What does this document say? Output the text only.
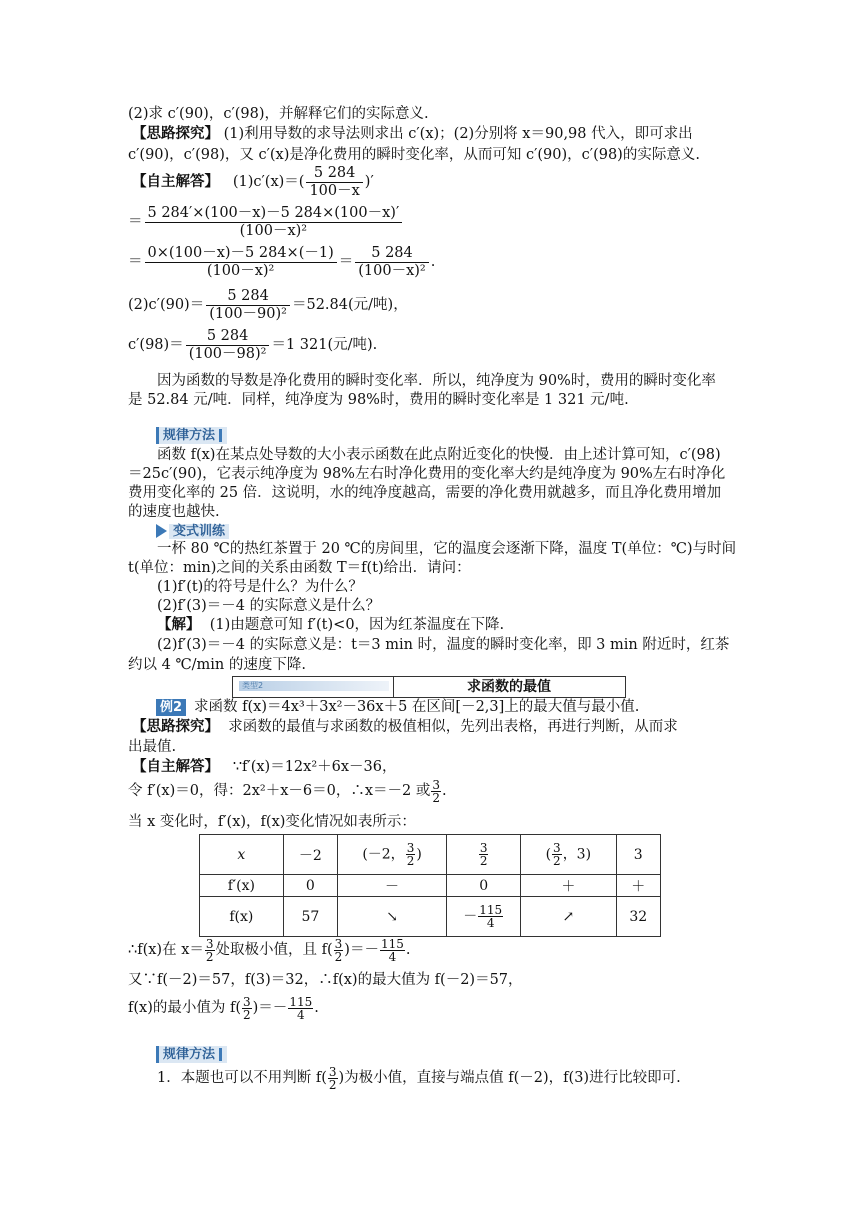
(2)求 c′(90)，c′(98)，并解释它们的实际意义.
【思路探究】 (1)利用导数的求导法则求出 c′(x)；(2)分别将 x＝90,98 代入，即可求出
c′(90)，c′(98)，又 c′(x)是净化费用的瞬时变化率，从而可知 c′(90)，c′(98)的实际意义.
【自主解答】 $(1)c'(x)=( \frac{5 284}{100-x}$ )′
＝ $\frac{5 284'\times(100-x)-5 284\times(100-x)'}{\text{(100－x)²}}$
＝ $\frac{0\times(100-x)-5 284\times(-1)}{\text{(100－x)²}} = \frac{5 284}{\text{(100－x)²}}$ .
$(2)c'(90)= \frac{5 284}{\text{(100－90)²}} =52.84$(元/吨)，
$c'(98)= \frac{5 284}{\text{(100－98)²}} =1$ 321(元/吨).
因为函数的导数是净化费用的瞬时变化率．所以，纯净度为 90%时，费用的瞬时变化率
是 52.84 元/吨．同样，纯净度为 98%时，费用的瞬时变化率是 1 321 元/吨.
规律方法
函数 f(x)在某点处导数的大小表示函数在此点附近变化的快慢．由上述计算可知，c′(98)
＝25c′(90)，它表示纯净度为 98%左右时净化费用的变化率大约是纯净度为 90%左右时净化
费用变化率的 25 倍．这说明，水的纯净度越高，需要的净化费用就越多，而且净化费用增加
的速度也越快.
变式训练
一杯 80 ℃的热红茶置于 20 ℃的房间里，它的温度会逐渐下降，温度 T(单位：℃)与时间
t(单位：min)之间的关系由函数 T＝f(t)给出．请问：
(1)f′(t)的符号是什么？为什么？
(2)f′(3)＝－4 的实际意义是什么？
【解】 (1)由题意可知 f′(t)<0，因为红茶温度在下降.
(2)f′(3)＝－4 的实际意义是：t＝3 min 时，温度的瞬时变化率，即 3 min 附近时，红茶
约以 4 ℃/min 的速度下降.
类型2	求函数的最值
例2 求函数 f(x)＝4x³＋3x²－36x＋5 在区间[－2,3]上的最大值与最小值.
【思路探究】 求函数的最值与求函数的极值相似，先列出表格，再进行判断，从而求
出最值.
【自主解答】 ∵f′(x)＝12x²＋6x－36，
令 f′(x)＝0，得：2x²＋x－6＝0，∴x＝－2 或 $\frac{3}{2}$ .
当 x 变化时，f′(x)，f(x)变化情况如表所示：
x	－2	(－2， $\frac{3}{2}$ )	$\frac{3}{2}$	( $\frac{3}{2}$ ，3)	3
f′(x)	0	－	0	＋	＋
f(x)	57	↘	－ $\frac{115}{4}$	↗	32
∴f(x)在 $x= \frac{3}{2}$ 处取极小值，且 $f( \frac{3}{2}$ )＝－ $\frac{115}{4}$ .
又∵f(－2)＝57，f(3)＝32，∴f(x)的最大值为 f(－2)＝57，
f(x)的最小值为 $f( \frac{3}{2}$ )＝－ $\frac{115}{4}$ .
规律方法
1．本题也可以不用判断 $f( \frac{3}{2}$ )为极小值，直接与端点值 f(－2)，f(3)进行比较即可.
